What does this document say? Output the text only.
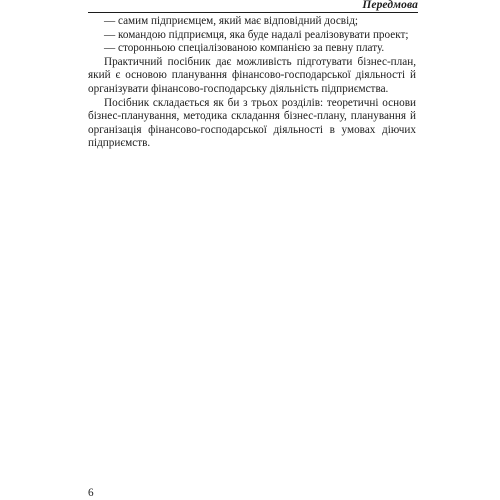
Передмова

— самим підприємцем, який має відповідний досвід;

— командою підприємця, яка буде надалі реалізовувати проект;

— сторонньою спеціалізованою компанією за певну плату.

Практичний посібник дає можливість підготувати бізнес-план, який є основою планування фінансово-господарської діяльності й організувати фінансово-господарську діяльність підприємства.

Посібник складається як би з трьох розділів: теоретичні основи бізнес-планування, методика складання бізнес-плану, планування й організація фінансово-господарської діяльності в умовах діючих підприємств.

6
